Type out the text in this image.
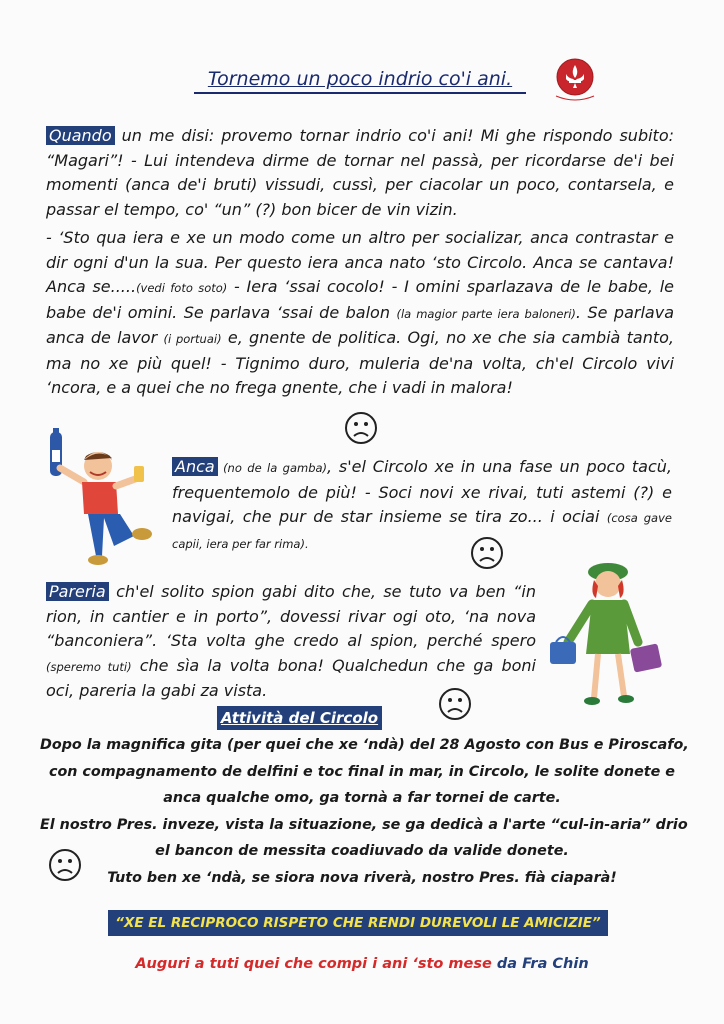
Tornemo un poco indrio co'i ani.

Quando un me disi: provemo tornar indrio co'i ani! Mi ghe rispondo subito: “Magari”! - Lui intendeva dirme de tornar nel passà, per ricordarse de'i bei momenti (anca de'i bruti) vissudi, cussì, per ciacolar un poco, contarsela, e passar el tempo, co' “un” (?) bon bicer de vin vizin.

- ‘Sto qua iera e xe un modo come un altro per socializar, anca contrastar e dir ogni d'un la sua. Per questo iera anca nato ‘sto Circolo. Anca se cantava! Anca se.....(vedi foto soto) - Iera ‘ssai cocolo! - I omini sparlazava de le babe, le babe de'i omini. Se parlava ‘ssai de balon (la magior parte iera baloneri). Se parlava anca de lavor (i portuai) e, gnente de politica. Ogi, no xe che sia cambià tanto, ma no xe più quel! - Tignimo duro, muleria de'na volta, ch'el Circolo vivi ‘ncora, e a quei che no frega gnente, che i vadi in malora!

Anca (no de la gamba), s'el Circolo xe in una fase un poco tacù, frequentemolo de più! - Soci novi xe rivai, tuti astemi (?) e navigai, che pur de star insieme se tira zo... i ociai (cosa gave capii, iera per far rima).

Pareria ch'el solito spion gabi dito che, se tuto va ben “in rion, in cantier e in porto”, dovessi rivar ogi oto, ‘na nova “banconiera”. ‘Sta volta ghe credo al spion, perché spero (speremo tuti) che sìa la volta bona! Qualchedun che ga boni oci, pareria la gabi za vista.

Attività del Circolo
Dopo la magnifica gita (per quei che xe ‘ndà) del 28 Agosto con Bus e Piroscafo,
con compagnamento de delfini e toc final in mar, in Circolo, le solite donete e
anca qualche omo, ga tornà a far tornei de carte.
El nostro Pres. inveze, vista la situazione, se ga dedicà a l'arte “cul-in-aria” drio
el bancon de messita coadiuvado da valide donete.
Tuto ben xe ‘ndà, se siora nova riverà, nostro Pres. fià ciaparà!
“XE EL RECIPROCO RISPETO CHE RENDI DUREVOLI LE AMICIZIE”
Auguri a tuti quei che compi i ani ‘sto mese da Fra Chin
